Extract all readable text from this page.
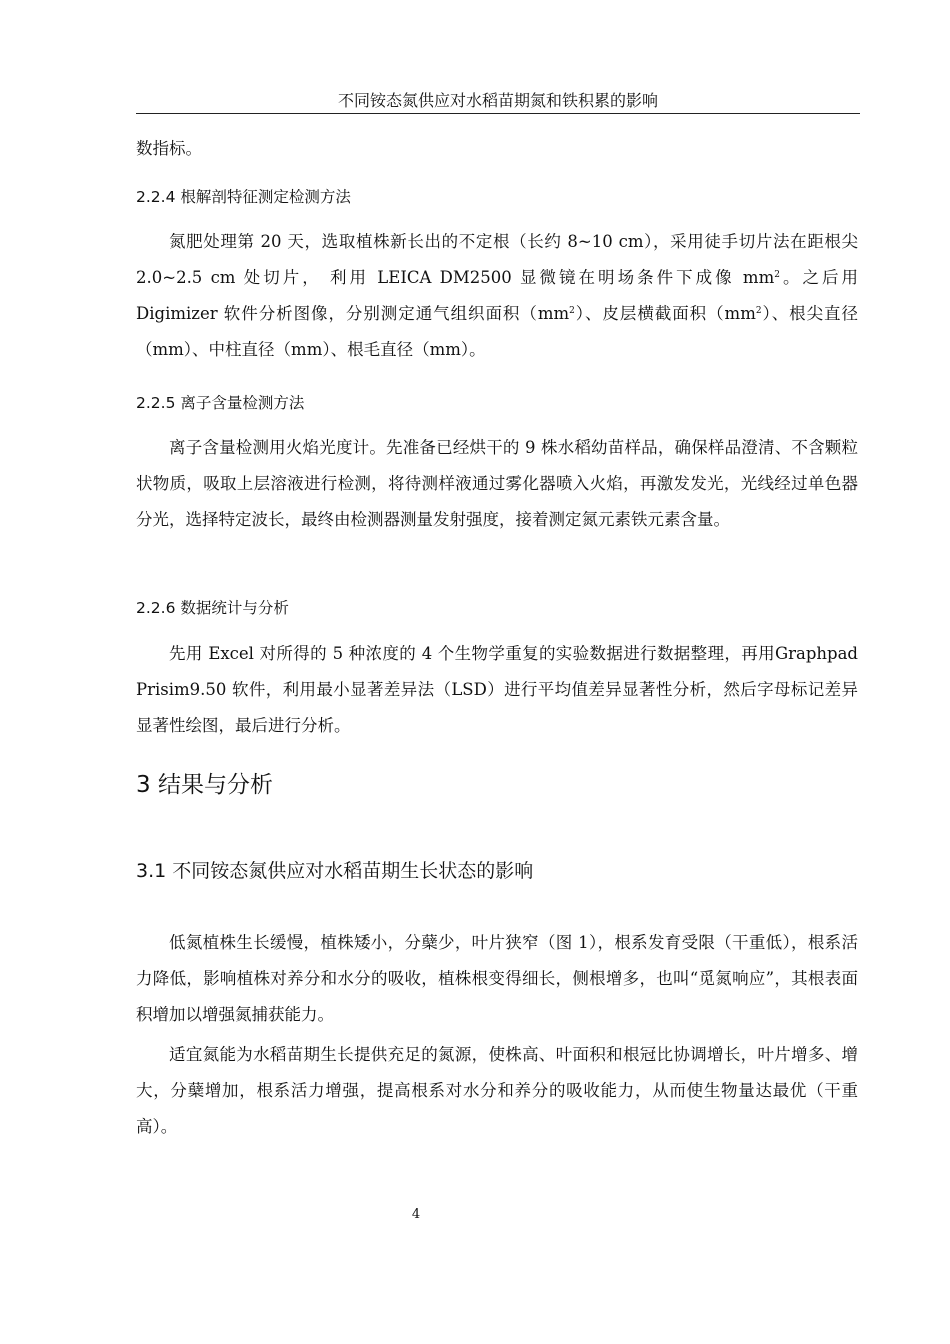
不同铵态氮供应对水稻苗期氮和铁积累的影响
数指标。
2.2.4 根解剖特征测定检测方法
氮肥处理第 20 天，选取植株新长出的不定根（长约 8~10 cm），采用徒手切片法在距根尖 2.0~2.5 cm 处切片， 利用 LEICA DM2500 显微镜在明场条件下成像 $mm^2$。之后用 Digimizer 软件分析图像，分别测定通气组织面积$(mm^2)$、皮层横截面积$(mm^2)$、根尖直径（mm）、中柱直径（mm）、根毛直径（mm）。
2.2.5 离子含量检测方法
离子含量检测用火焰光度计。先准备已经烘干的 9 株水稻幼苗样品，确保样品澄清、不含颗粒状物质，吸取上层溶液进行检测，将待测样液通过雾化器喷入火焰，再激发发光，光线经过单色器分光，选择特定波长，最终由检测器测量发射强度，接着测定氮元素铁元素含量。
2.2.6 数据统计与分析
先用 Excel 对所得的 5 种浓度的 4 个生物学重复的实验数据进行数据整理，再用Graphpad Prisim9.50 软件，利用最小显著差异法（LSD）进行平均值差异显著性分析，然后字母标记差异显著性绘图，最后进行分析。
3 结果与分析
3.1 不同铵态氮供应对水稻苗期生长状态的影响
低氮植株生长缓慢，植株矮小，分蘖少，叶片狭窄（图 1），根系发育受限（干重低），根系活力降低，影响植株对养分和水分的吸收，植株根变得细长，侧根增多，也叫“觅氮响应”，其根表面积增加以增强氮捕获能力。
适宜氮能为水稻苗期生长提供充足的氮源，使株高、叶面积和根冠比协调增长，叶片增多、增大，分蘖增加，根系活力增强，提高根系对水分和养分的吸收能力，从而使生物量达最优（干重高）。
4
